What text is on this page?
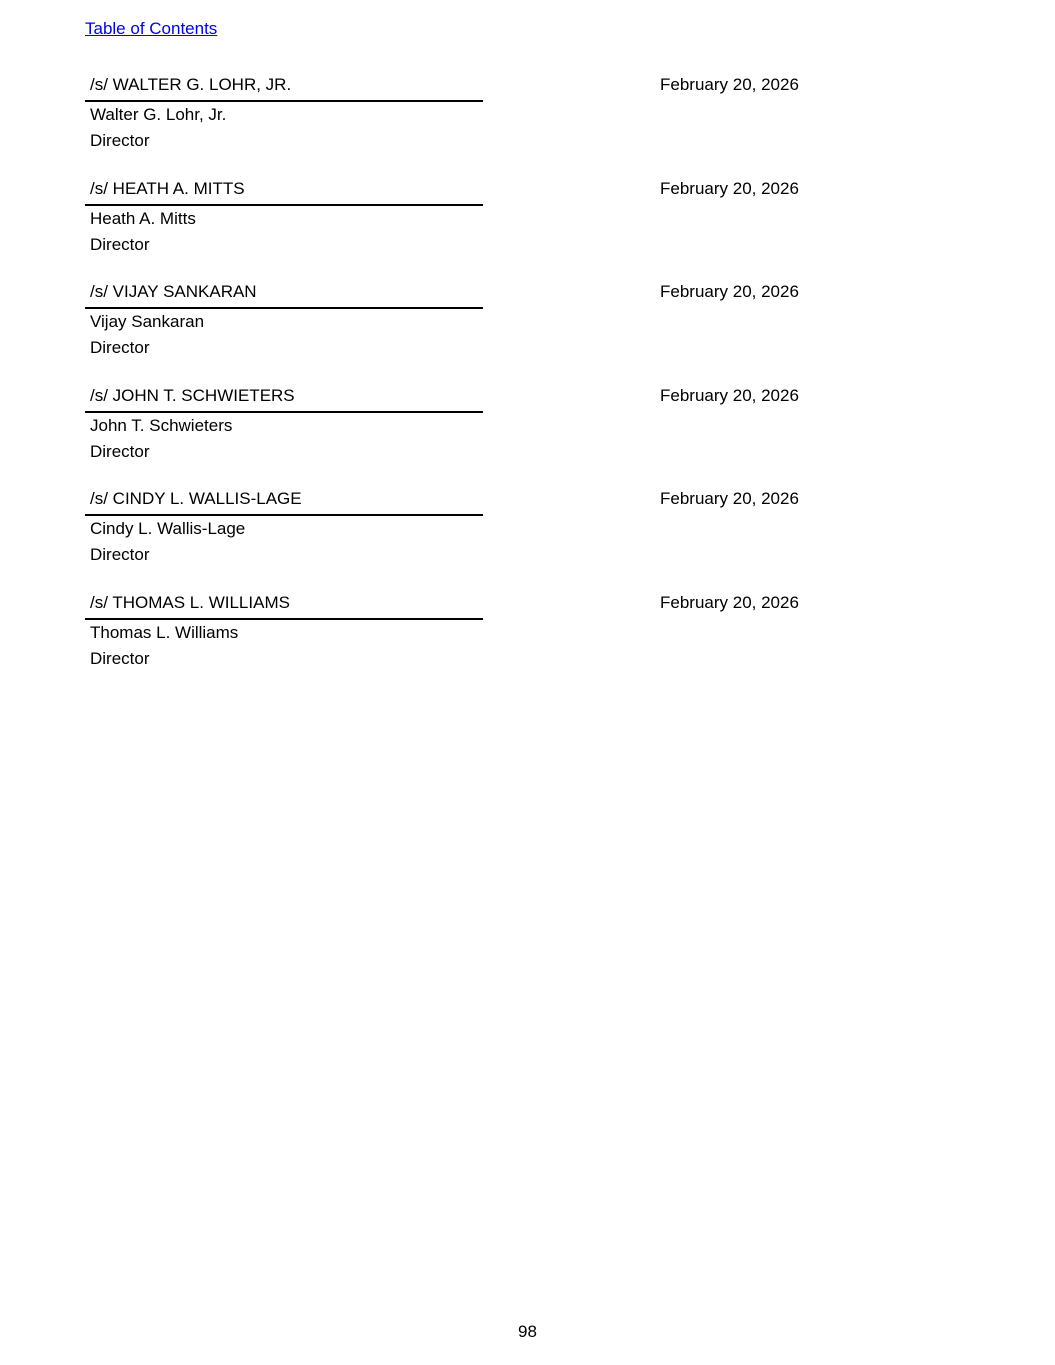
Table of Contents
/s/ WALTER G. LOHR, JR.	February 20, 2026
Walter G. Lohr, Jr.
Director
/s/ HEATH A. MITTS	February 20, 2026
Heath A. Mitts
Director
/s/ VIJAY SANKARAN	February 20, 2026
Vijay Sankaran
Director
/s/ JOHN T. SCHWIETERS	February 20, 2026
John T. Schwieters
Director
/s/ CINDY L. WALLIS-LAGE	February 20, 2026
Cindy L. Wallis-Lage
Director
/s/ THOMAS L. WILLIAMS	February 20, 2026
Thomas L. Williams
Director
98
